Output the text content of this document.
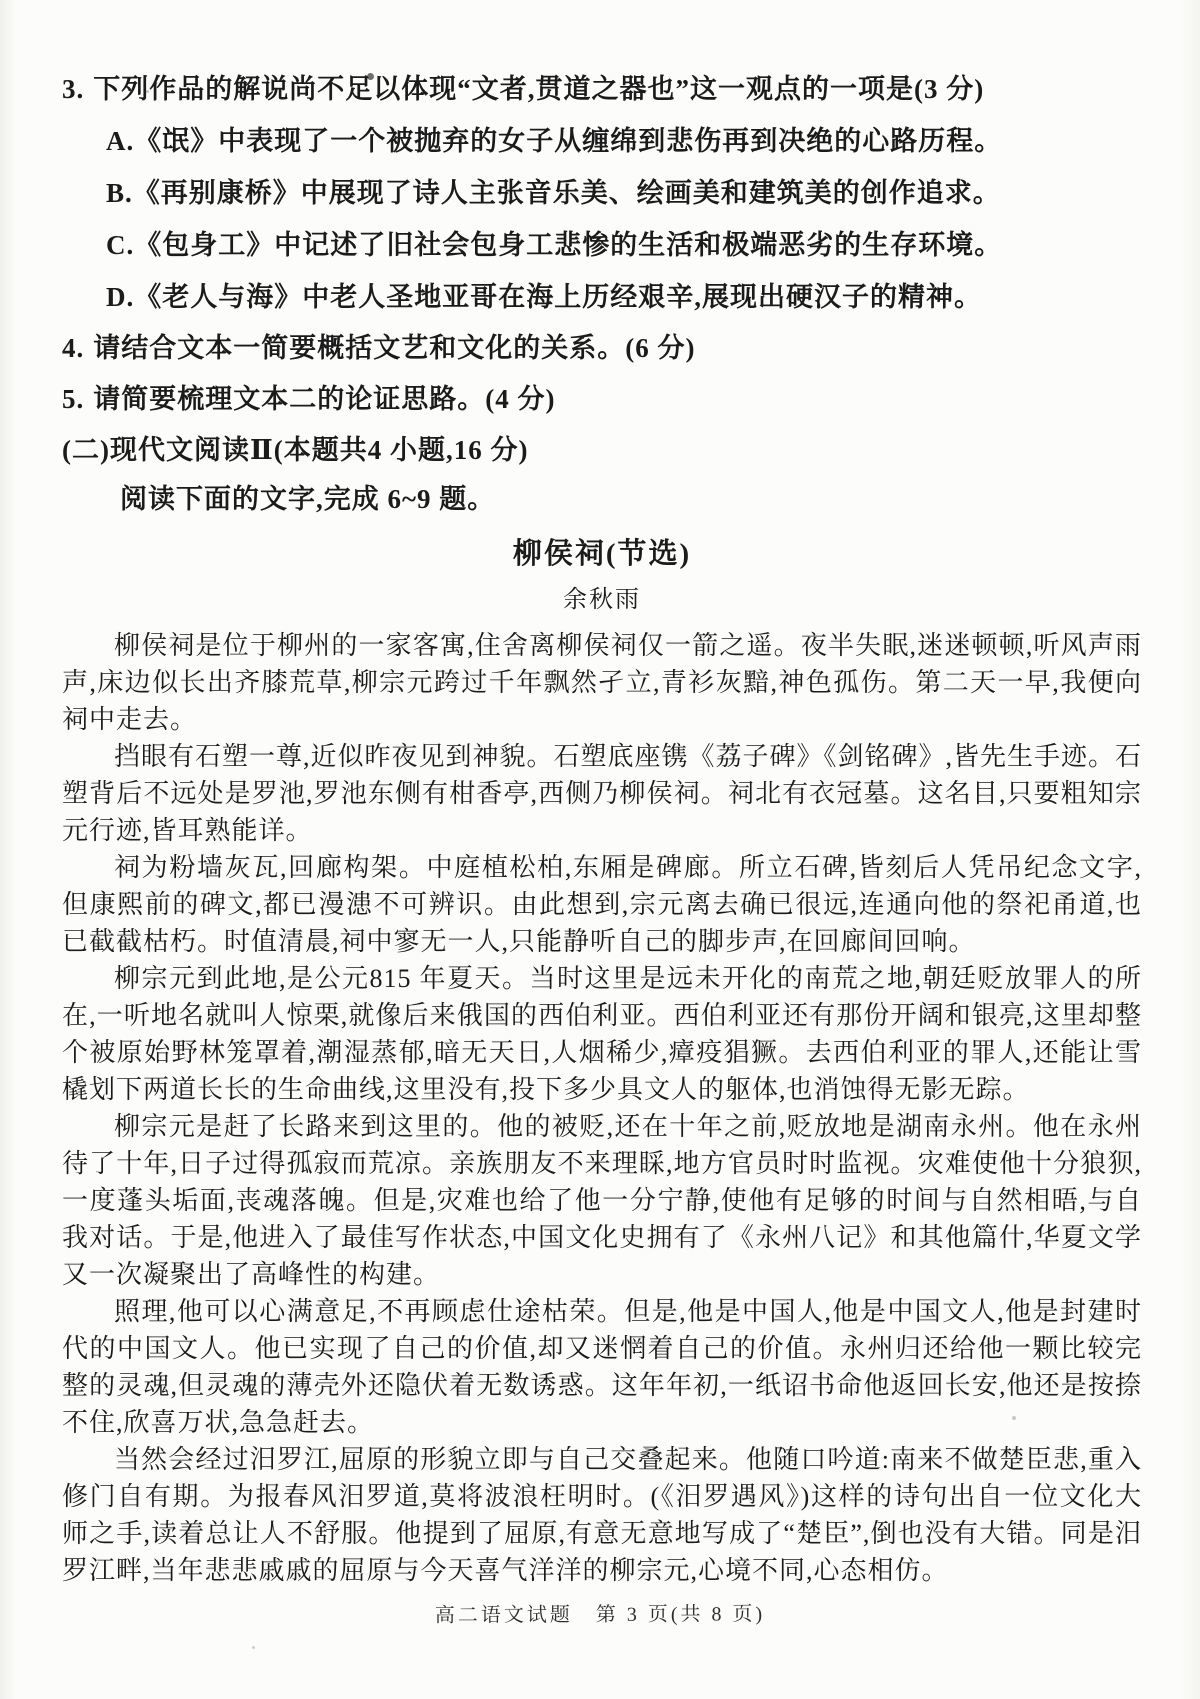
3. 下列作品的解说尚不足以体现“文者,贯道之器也”这一观点的一项是(3 分)
A.《氓》中表现了一个被抛弃的女子从缠绵到悲伤再到决绝的心路历程。
B.《再别康桥》中展现了诗人主张音乐美、绘画美和建筑美的创作追求。
C.《包身工》中记述了旧社会包身工悲惨的生活和极端恶劣的生存环境。
D.《老人与海》中老人圣地亚哥在海上历经艰辛,展现出硬汉子的精神。
4. 请结合文本一简要概括文艺和文化的关系。(6 分)
5. 请简要梳理文本二的论证思路。(4 分)
(二)现代文阅读Ⅱ(本题共4 小题,16 分)
阅读下面的文字,完成 6~9 题。
柳侯祠(节选)
余秋雨

柳侯祠是位于柳州的一家客寓,住舍离柳侯祠仅一箭之遥。夜半失眠,迷迷顿顿,听风声雨声,床边似长出齐膝荒草,柳宗元跨过千年飘然孑立,青衫灰黯,神色孤伤。第二天一早,我便向祠中走去。

挡眼有石塑一尊,近似昨夜见到神貌。石塑底座镌《荔子碑》《剑铭碑》,皆先生手迹。石塑背后不远处是罗池,罗池东侧有柑香亭,西侧乃柳侯祠。祠北有衣冠墓。这名目,只要粗知宗元行迹,皆耳熟能详。

祠为粉墙灰瓦,回廊构架。中庭植松柏,东厢是碑廊。所立石碑,皆刻后人凭吊纪念文字,但康熙前的碑文,都已漫漶不可辨识。由此想到,宗元离去确已很远,连通向他的祭祀甬道,也已截截枯朽。时值清晨,祠中寥无一人,只能静听自己的脚步声,在回廊间回响。

柳宗元到此地,是公元815 年夏天。当时这里是远未开化的南荒之地,朝廷贬放罪人的所在,一听地名就叫人惊栗,就像后来俄国的西伯利亚。西伯利亚还有那份开阔和银亮,这里却整个被原始野林笼罩着,潮湿蒸郁,暗无天日,人烟稀少,瘴疫猖獗。去西伯利亚的罪人,还能让雪橇划下两道长长的生命曲线,这里没有,投下多少具文人的躯体,也消蚀得无影无踪。

柳宗元是赶了长路来到这里的。他的被贬,还在十年之前,贬放地是湖南永州。他在永州待了十年,日子过得孤寂而荒凉。亲族朋友不来理睬,地方官员时时监视。灾难使他十分狼狈,一度蓬头垢面,丧魂落魄。但是,灾难也给了他一分宁静,使他有足够的时间与自然相晤,与自我对话。于是,他进入了最佳写作状态,中国文化史拥有了《永州八记》和其他篇什,华夏文学又一次凝聚出了高峰性的构建。

照理,他可以心满意足,不再顾虑仕途枯荣。但是,他是中国人,他是中国文人,他是封建时代的中国文人。他已实现了自己的价值,却又迷惘着自己的价值。永州归还给他一颗比较完整的灵魂,但灵魂的薄壳外还隐伏着无数诱惑。这年年初,一纸诏书命他返回长安,他还是按捺不住,欣喜万状,急急赶去。

当然会经过汨罗江,屈原的形貌立即与自己交叠起来。他随口吟道:南来不做楚臣悲,重入修门自有期。为报春风汨罗道,莫将波浪枉明时。(《汨罗遇风》)这样的诗句出自一位文化大师之手,读着总让人不舒服。他提到了屈原,有意无意地写成了“楚臣”,倒也没有大错。同是汨罗江畔,当年悲悲戚戚的屈原与今天喜气洋洋的柳宗元,心境不同,心态相仿。

高二语文试题　第 3 页(共 8 页)
